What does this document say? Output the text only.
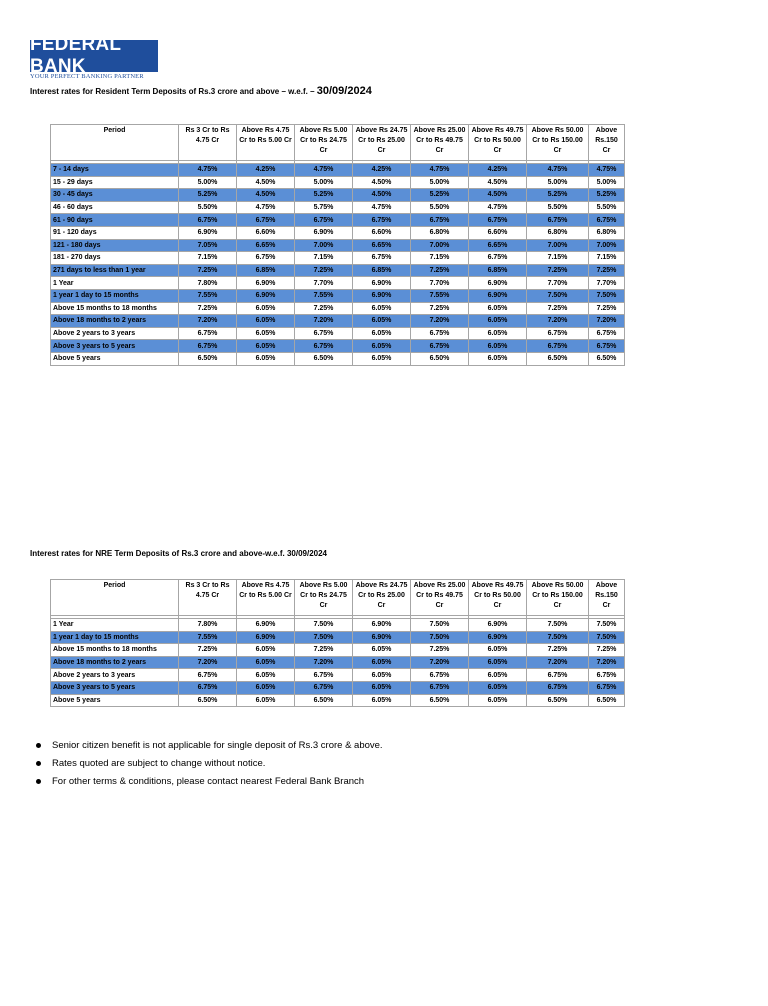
FEDERAL BANK
YOUR PERFECT BANKING PARTNER
Interest rates for Resident Term Deposits of Rs.3 crore and above – w.e.f. – 30/09/2024
Period	Rs 3 Cr to Rs 4.75 Cr	Above Rs 4.75 Cr to Rs 5.00 Cr	Above Rs 5.00 Cr to Rs 24.75 Cr	Above Rs 24.75 Cr to Rs 25.00 Cr	Above Rs 25.00 Cr to Rs 49.75 Cr	Above Rs 49.75 Cr to Rs 50.00 Cr	Above Rs 50.00 Cr to Rs 150.00 Cr	Above Rs.150 Cr

7 - 14 days	4.75%	4.25%	4.75%	4.25%	4.75%	4.25%	4.75%	4.75%
15 - 29 days	5.00%	4.50%	5.00%	4.50%	5.00%	4.50%	5.00%	5.00%
30 - 45 days	5.25%	4.50%	5.25%	4.50%	5.25%	4.50%	5.25%	5.25%
46 - 60 days	5.50%	4.75%	5.75%	4.75%	5.50%	4.75%	5.50%	5.50%
61 - 90 days	6.75%	6.75%	6.75%	6.75%	6.75%	6.75%	6.75%	6.75%
91 - 120 days	6.90%	6.60%	6.90%	6.60%	6.80%	6.60%	6.80%	6.80%
121 - 180 days	7.05%	6.65%	7.00%	6.65%	7.00%	6.65%	7.00%	7.00%
181 - 270 days	7.15%	6.75%	7.15%	6.75%	7.15%	6.75%	7.15%	7.15%
271 days to less than 1 year	7.25%	6.85%	7.25%	6.85%	7.25%	6.85%	7.25%	7.25%
1 Year	7.80%	6.90%	7.70%	6.90%	7.70%	6.90%	7.70%	7.70%
1 year 1 day to 15 months	7.55%	6.90%	7.55%	6.90%	7.55%	6.90%	7.50%	7.50%
Above 15 months to 18 months	7.25%	6.05%	7.25%	6.05%	7.25%	6.05%	7.25%	7.25%
Above 18 months to 2 years	7.20%	6.05%	7.20%	6.05%	7.20%	6.05%	7.20%	7.20%
Above 2 years to 3 years	6.75%	6.05%	6.75%	6.05%	6.75%	6.05%	6.75%	6.75%
Above 3 years to 5 years	6.75%	6.05%	6.75%	6.05%	6.75%	6.05%	6.75%	6.75%
Above 5 years	6.50%	6.05%	6.50%	6.05%	6.50%	6.05%	6.50%	6.50%
Interest rates for NRE Term Deposits of Rs.3 crore and above-w.e.f. 30/09/2024
Period	Rs 3 Cr to Rs 4.75 Cr	Above Rs 4.75 Cr to Rs 5.00 Cr	Above Rs 5.00 Cr to Rs 24.75 Cr	Above Rs 24.75 Cr to Rs 25.00 Cr	Above Rs 25.00 Cr to Rs 49.75 Cr	Above Rs 49.75 Cr to Rs 50.00 Cr	Above Rs 50.00 Cr to Rs 150.00 Cr	Above Rs.150 Cr

1 Year	7.80%	6.90%	7.50%	6.90%	7.50%	6.90%	7.50%	7.50%
1 year 1 day to 15 months	7.55%	6.90%	7.50%	6.90%	7.50%	6.90%	7.50%	7.50%
Above 15 months to 18 months	7.25%	6.05%	7.25%	6.05%	7.25%	6.05%	7.25%	7.25%
Above 18 months to 2 years	7.20%	6.05%	7.20%	6.05%	7.20%	6.05%	7.20%	7.20%
Above 2 years to 3 years	6.75%	6.05%	6.75%	6.05%	6.75%	6.05%	6.75%	6.75%
Above 3 years to 5 years	6.75%	6.05%	6.75%	6.05%	6.75%	6.05%	6.75%	6.75%
Above 5 years	6.50%	6.05%	6.50%	6.05%	6.50%	6.05%	6.50%	6.50%
Senior citizen benefit is not applicable for single deposit of Rs.3 crore & above.
Rates quoted are subject to change without notice.
For other terms & conditions, please contact nearest Federal Bank Branch
